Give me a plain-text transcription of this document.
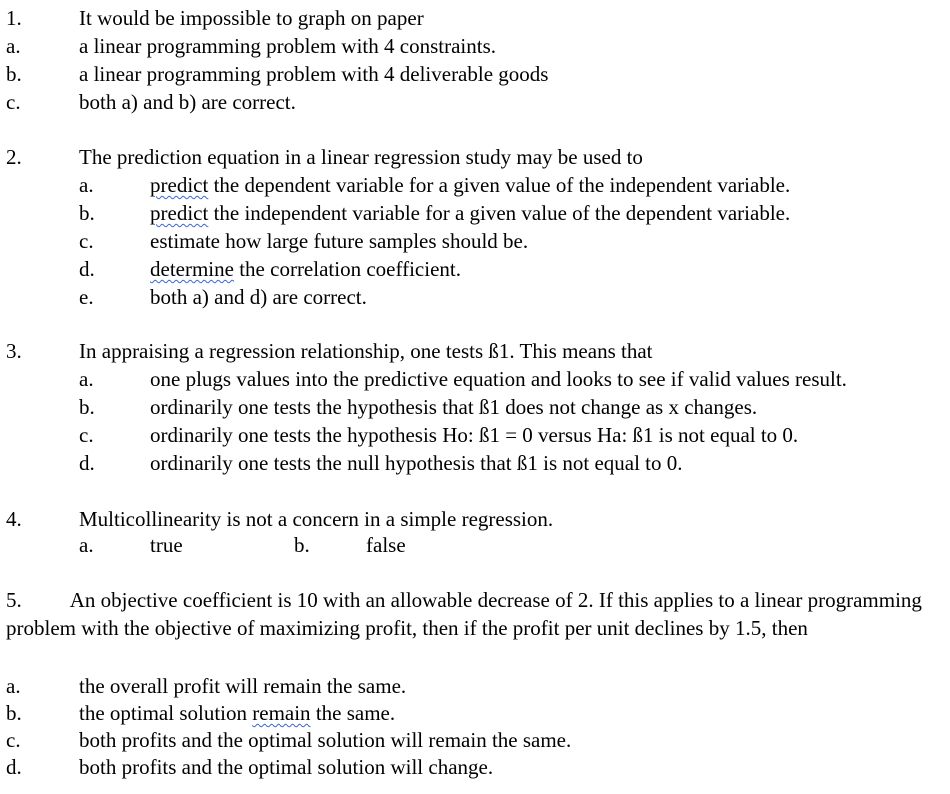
1.	It would be impossible to graph on paper
a.	a linear programming problem with 4 constraints.
b.	a linear programming problem with 4 deliverable goods
c.	both a) and b) are correct.
2.	The prediction equation in a linear regression study may be used to
a.	predict the dependent variable for a given value of the independent variable.
b.	predict the independent variable for a given value of the dependent variable.
c.	estimate how large future samples should be.
d.	determine the correlation coefficient.
e.	both a) and d) are correct.
3.	In appraising a regression relationship, one tests ß1. This means that
a.	one plugs values into the predictive equation and looks to see if valid values result.
b.	ordinarily one tests the hypothesis that ß1 does not change as x changes.
c.	ordinarily one tests the hypothesis Ho: ß1 = 0 versus Ha: ß1 is not equal to 0.
d.	ordinarily one tests the null hypothesis that ß1 is not equal to 0.
4.	Multicollinearity is not a concern in a simple regression.
a.	true	b.	false
5. An objective coefficient is 10 with an allowable decrease of 2. If this applies to a linear programming problem with the objective of maximizing profit, then if the profit per unit declines by 1.5, then
a.	the overall profit will remain the same.
b.	the optimal solution remain the same.
c.	both profits and the optimal solution will remain the same.
d.	both profits and the optimal solution will change.
